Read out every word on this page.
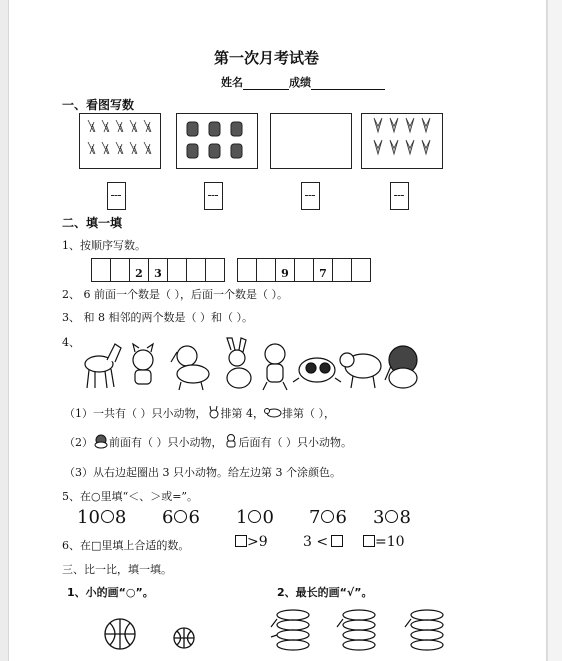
第一次月考试卷
姓名	成绩
一、看图写数
二、填一填
1、按顺序写数。
2	3	9	7
2、 6 前面一个数是（ ），后面一个数是（ ）。
3、 和 8 相邻的两个数是（ ）和（ ）。
4、
（1）一共有（ ）只小动物， 排第 4， 排第（ ），
（2） 前面有（ ）只小动物， 后面有（ ）只小动物。
（3）从右边起圈出 3 只小动物。给左边第 3 个涂颜色。
5、在○里填“＜、＞或=”。
10 8 6 6 1 0 7 6 3 8
6、在□里填上合适的数。	>9	3 <	=10
三、比一比，填一填。
1、小的画“○”。	2、最长的画“√”。
